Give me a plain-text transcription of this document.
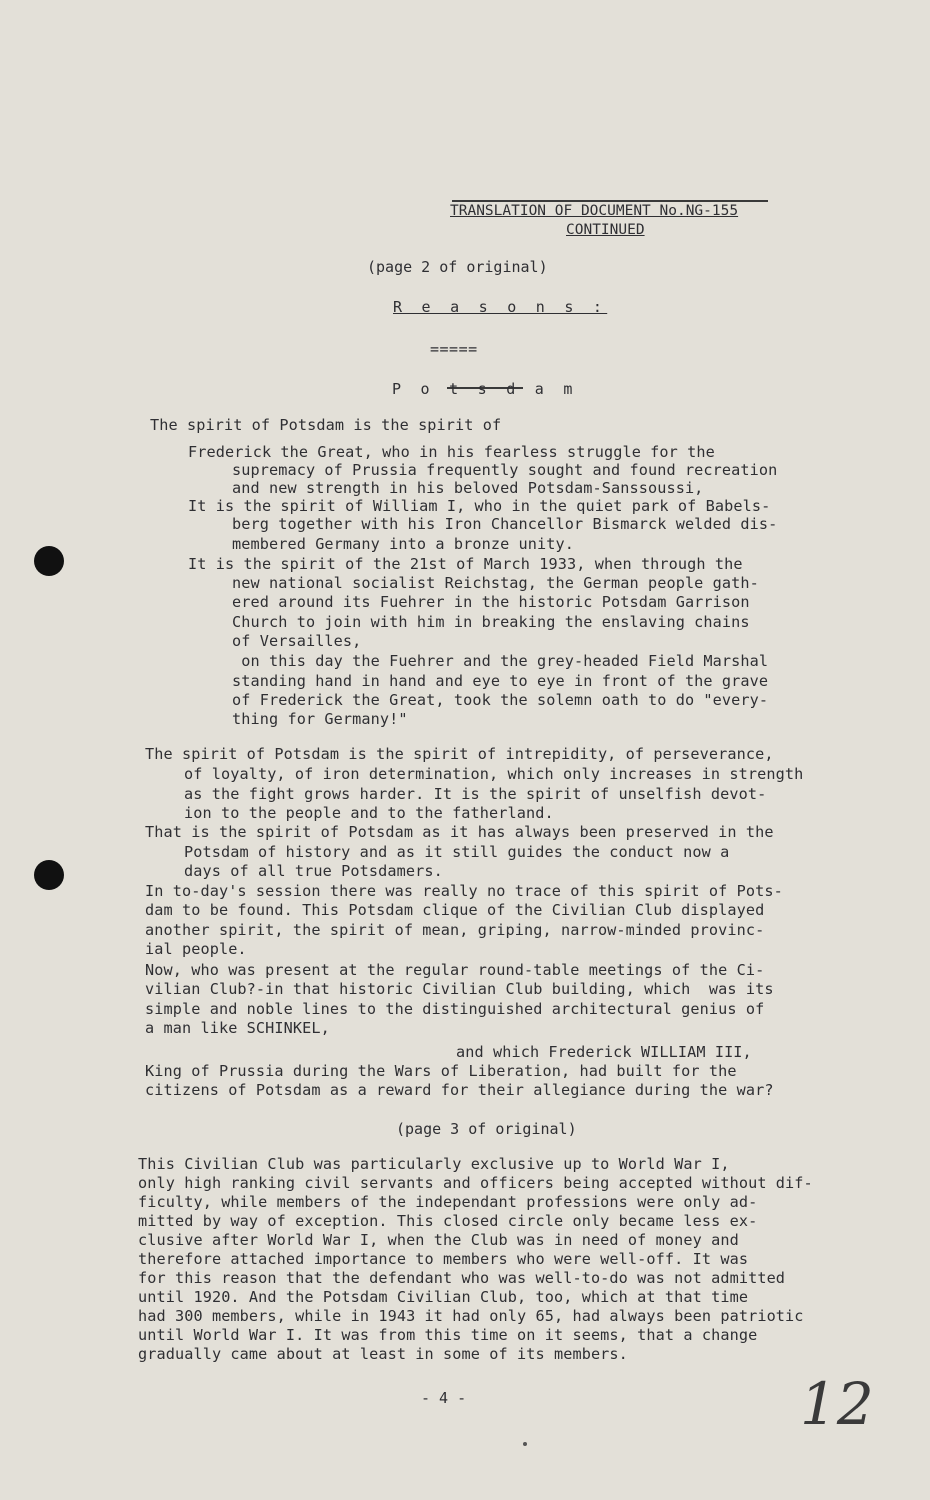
TRANSLATION OF DOCUMENT No.NG-155
CONTINUED
(page 2 of original)
R e a s o n s :
=====
P o t s d a m
The spirit of Potsdam is the spirit of
Frederick the Great, who in his fearless struggle for the
supremacy of Prussia frequently sought and found recreation
and new strength in his beloved Potsdam-Sanssoussi,
It is the spirit of William I, who in the quiet park of Babels-
berg together with his Iron Chancellor Bismarck welded dis-
membered Germany into a bronze unity.
It is the spirit of the 21st of March 1933, when through the
new national socialist Reichstag, the German people gath-
ered around its Fuehrer in the historic Potsdam Garrison
Church to join with him in breaking the enslaving chains
of Versailles,
on this day the Fuehrer and the grey-headed Field Marshal
standing hand in hand and eye to eye in front of the grave
of Frederick the Great, took the solemn oath to do "every-
thing for Germany!"
The spirit of Potsdam is the spirit of intrepidity, of perseverance,
of loyalty, of iron determination, which only increases in strength
as the fight grows harder. It is the spirit of unselfish devot-
ion to the people and to the fatherland.
That is the spirit of Potsdam as it has always been preserved in the
Potsdam of history and as it still guides the conduct now a
days of all true Potsdamers.
In to-day's session there was really no trace of this spirit of Pots-
dam to be found. This Potsdam clique of the Civilian Club displayed
another spirit, the spirit of mean, griping, narrow-minded provinc-
ial people.
Now, who was present at the regular round-table meetings of the Ci-
vilian Club?-in that historic Civilian Club building, which  was its
simple and noble lines to the distinguished architectural genius of
a man like SCHINKEL,
and which Frederick WILLIAM III,
King of Prussia during the Wars of Liberation, had built for the
citizens of Potsdam as a reward for their allegiance during the war?
This Civilian Club was particularly exclusive up to World War I,
only high ranking civil servants and officers being accepted without dif-
ficulty, while members of the independant professions were only ad-
mitted by way of exception. This closed circle only became less ex-
clusive after World War I, when the Club was in need of money and
therefore attached importance to members who were well-off. It was
for this reason that the defendant who was well-to-do was not admitted
until 1920. And the Potsdam Civilian Club, too, which at that time
had 300 members, while in 1943 it had only 65, had always been patriotic
until World War I. It was from this time on it seems, that a change
gradually came about at least in some of its members.
(page 3 of original)
- 4 -	12
